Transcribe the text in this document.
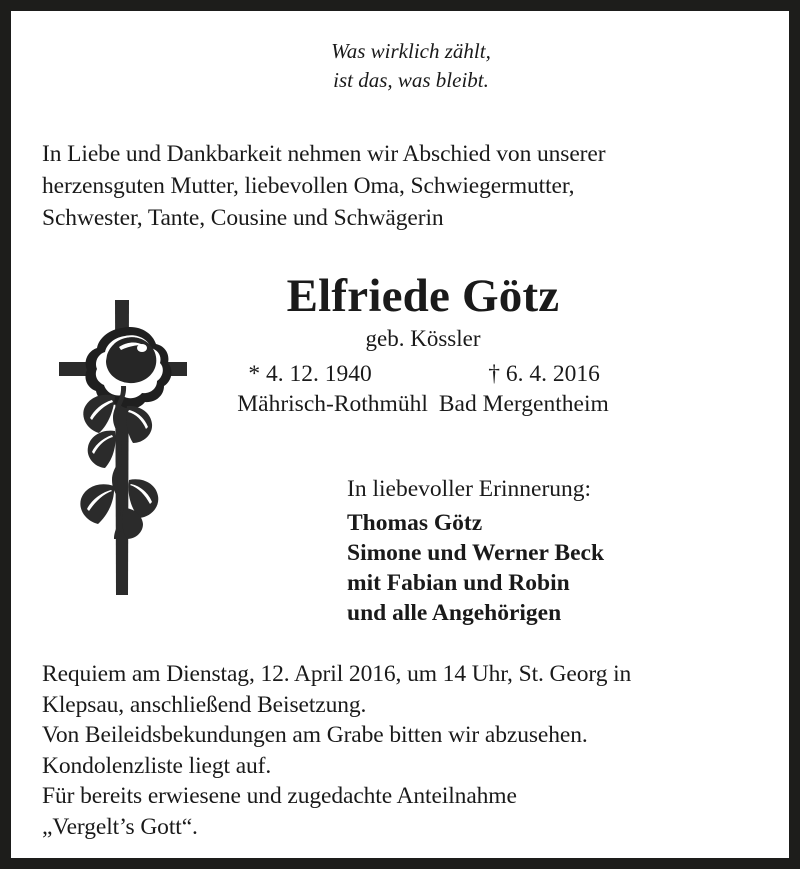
Was wirklich zählt,
ist das, was bleibt.
In Liebe und Dankbarkeit nehmen wir Abschied von unserer
herzensguten Mutter, liebevollen Oma, Schwiegermutter,
Schwester, Tante, Cousine und Schwägerin
Elfriede Götz
geb. Kössler
* 4. 12. 1940	† 6. 4. 2016
Mährisch-Rothmühl Bad Mergentheim
In liebevoller Erinnerung:
Thomas Götz
Simone und Werner Beck
mit Fabian und Robin
und alle Angehörigen
Requiem am Dienstag, 12. April 2016, um 14 Uhr, St. Georg in
Klepsau, anschließend Beisetzung.
Von Beileidsbekundungen am Grabe bitten wir abzusehen.
Kondolenzliste liegt auf.
Für bereits erwiesene und zugedachte Anteilnahme
„Vergelt’s Gott“.
